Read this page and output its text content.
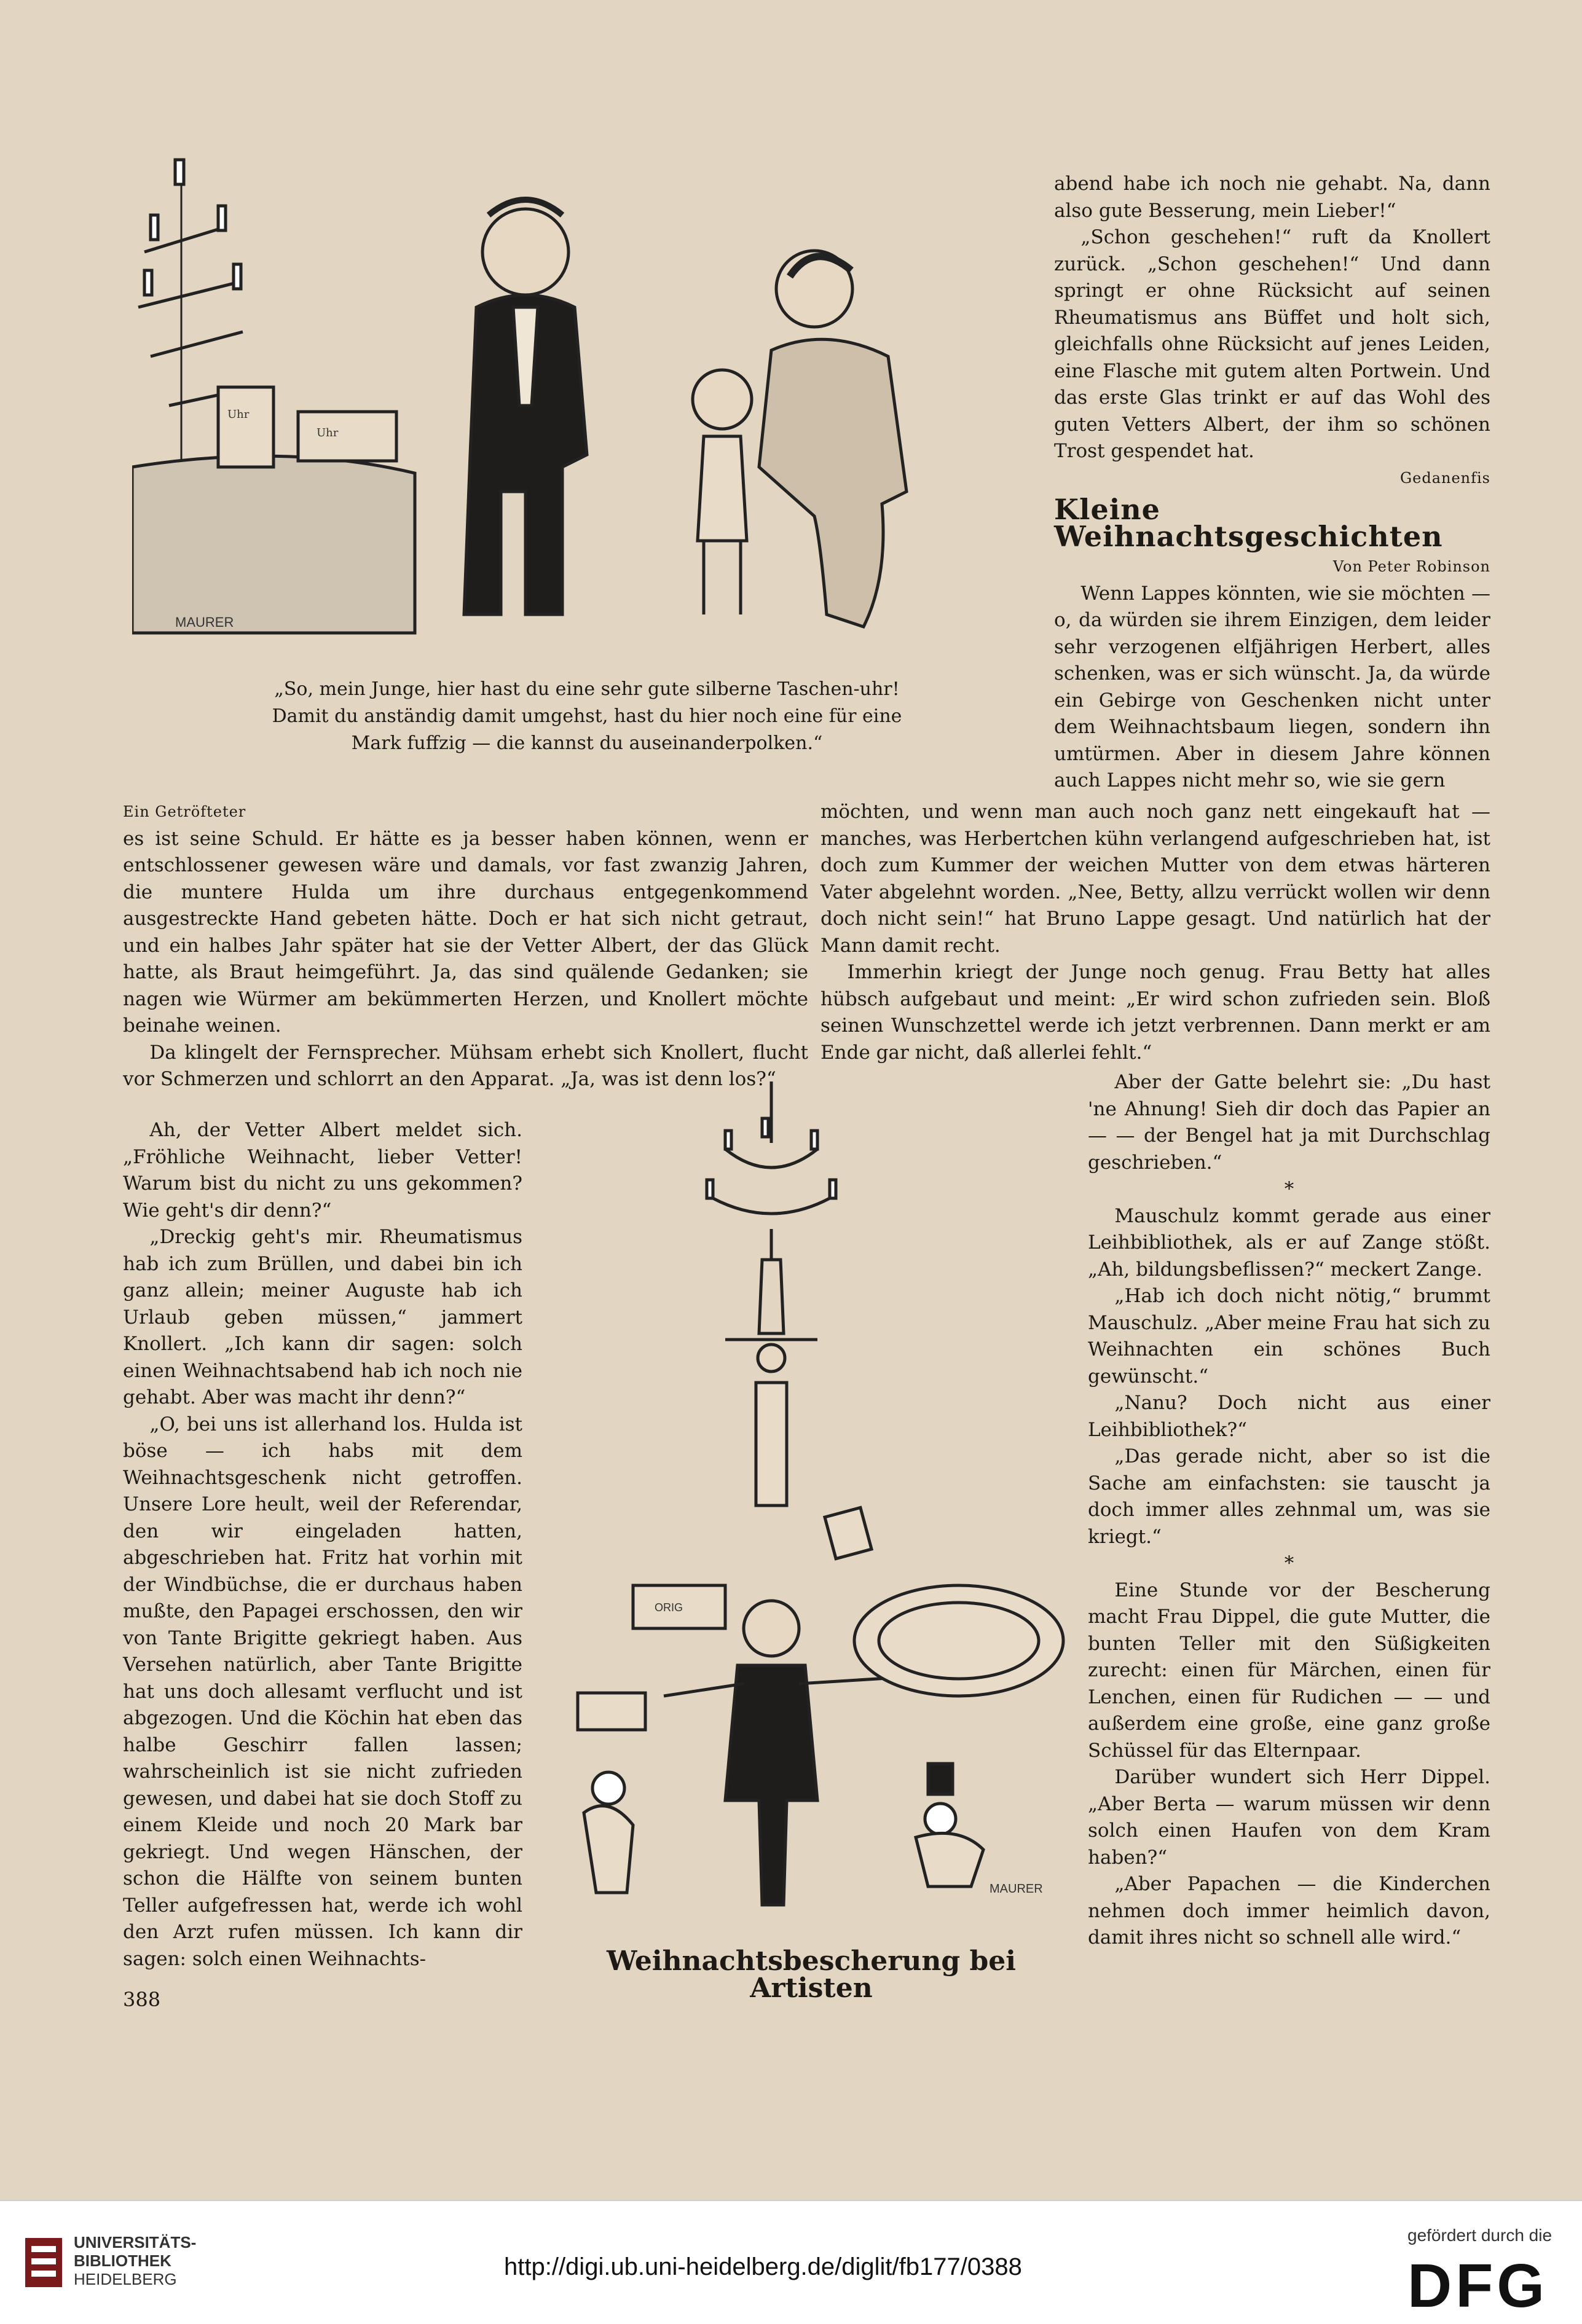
MAURER
Uhr
Uhr
„So, mein Junge, hier hast du eine sehr gute silberne Taschen-uhr! Damit du anständig damit umgehst, hast du hier noch eine für eine Mark fuffzig — die kannst du auseinanderpolken.“

abend habe ich noch nie gehabt. Na, dann also gute Besserung, mein Lieber!“

„Schon geschehen!“ ruft da Knollert zurück. „Schon geschehen!“ Und dann springt er ohne Rücksicht auf seinen Rheumatismus ans Büffet und holt sich, gleichfalls ohne Rücksicht auf jenes Leiden, eine Flasche mit gutem alten Portwein. Und das erste Glas trinkt er auf das Wohl des guten Vetters Albert, der ihm so schönen Trost gespendet hat.

Gedanenfis

Kleine Weihnachtsgeschichten

Von Peter Robinson

Wenn Lappes könnten, wie sie möchten — o, da würden sie ihrem Einzigen, dem leider sehr verzogenen elfjährigen Herbert, alles schenken, was er sich wünscht. Ja, da würde ein Gebirge von Geschenken nicht unter dem Weihnachtsbaum liegen, sondern ihn umtürmen. Aber in diesem Jahre können auch Lappes nicht mehr so, wie sie gern

Ein Getröfteter

es ist seine Schuld. Er hätte es ja besser haben können, wenn er entschlossener gewesen wäre und damals, vor fast zwanzig Jahren, die muntere Hulda um ihre durchaus entgegenkommend ausgestreckte Hand gebeten hätte. Doch er hat sich nicht getraut, und ein halbes Jahr später hat sie der Vetter Albert, der das Glück hatte, als Braut heimgeführt. Ja, das sind quälende Gedanken; sie nagen wie Würmer am bekümmerten Herzen, und Knollert möchte beinahe weinen.

Da klingelt der Fernsprecher. Mühsam erhebt sich Knollert, flucht vor Schmerzen und schlorrt an den Apparat. „Ja, was ist denn los?“

Ah, der Vetter Albert meldet sich. „Fröhliche Weihnacht, lieber Vetter! Warum bist du nicht zu uns gekommen? Wie geht's dir denn?“

„Dreckig geht's mir. Rheumatismus hab ich zum Brüllen, und dabei bin ich ganz allein; meiner Auguste hab ich Urlaub geben müssen,“ jammert Knollert. „Ich kann dir sagen: solch einen Weihnachtsabend hab ich noch nie gehabt. Aber was macht ihr denn?“

„O, bei uns ist allerhand los. Hulda ist böse — ich habs mit dem Weihnachtsgeschenk nicht getroffen. Unsere Lore heult, weil der Referendar, den wir eingeladen hatten, abgeschrieben hat. Fritz hat vorhin mit der Windbüchse, die er durchaus haben mußte, den Papagei erschossen, den wir von Tante Brigitte gekriegt haben. Aus Versehen natürlich, aber Tante Brigitte hat uns doch allesamt verflucht und ist abgezogen. Und die Köchin hat eben das halbe Geschirr fallen lassen; wahrscheinlich ist sie nicht zufrieden gewesen, und dabei hat sie doch Stoff zu einem Kleide und noch 20 Mark bar gekriegt. Und wegen Hänschen, der schon die Hälfte von seinem bunten Teller aufgefressen hat, werde ich wohl den Arzt rufen müssen. Ich kann dir sagen: solch einen Weihnachts-

möchten, und wenn man auch noch ganz nett eingekauft hat — manches, was Herbertchen kühn verlangend aufgeschrieben hat, ist doch zum Kummer der weichen Mutter von dem etwas härteren Vater abgelehnt worden. „Nee, Betty, allzu verrückt wollen wir denn doch nicht sein!“ hat Bruno Lappe gesagt. Und natürlich hat der Mann damit recht.

Immerhin kriegt der Junge noch genug. Frau Betty hat alles hübsch aufgebaut und meint: „Er wird schon zufrieden sein. Bloß seinen Wunschzettel werde ich jetzt verbrennen. Dann merkt er am Ende gar nicht, daß allerlei fehlt.“

Aber der Gatte belehrt sie: „Du hast 'ne Ahnung! Sieh dir doch das Papier an — — der Bengel hat ja mit Durchschlag geschrieben.“

*

Mauschulz kommt gerade aus einer Leihbibliothek, als er auf Zange stößt. „Ah, bildungsbeflissen?“ meckert Zange.

„Hab ich doch nicht nötig,“ brummt Mauschulz. „Aber meine Frau hat sich zu Weihnachten ein schönes Buch gewünscht.“

„Nanu? Doch nicht aus einer Leihbibliothek?“

„Das gerade nicht, aber so ist die Sache am einfachsten: sie tauscht ja doch immer alles zehnmal um, was sie kriegt.“

*

Eine Stunde vor der Bescherung macht Frau Dippel, die gute Mutter, die bunten Teller mit den Süßigkeiten zurecht: einen für Märchen, einen für Lenchen, einen für Rudichen — — und außerdem eine große, eine ganz große Schüssel für das Elternpaar.

Darüber wundert sich Herr Dippel. „Aber Berta — warum müssen wir denn solch einen Haufen von dem Kram haben?“

„Aber Papachen — die Kinderchen nehmen doch immer heimlich davon, damit ihres nicht so schnell alle wird.“

ORIG
MAURER
Weihnachtsbescherung bei Artisten
388
UNIVERSITÄTS-
BIBLIOTHEK
HEIDELBERG	http://digi.ub.uni-heidelberg.de/diglit/fb177/0388
gefördert durch die
DFG
